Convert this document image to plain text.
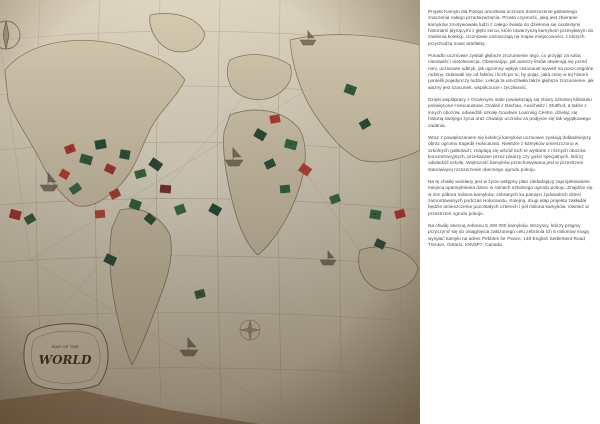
Projekt Kamyki dla Pokoju umożliwia uczniom dostrzeżenie globalnego znaczenia całego przedsięwzięcia. Prosta czynność, jaką jest zbieranie kamyków zmotywowała ludzi z całego świata do dzielenia się osobistymi historiami płynącymi z głębi serca, które towarzyszą kamykom przesyłanym do zasilenia kolekcji. Uczniowie zaznaczają na mapie miejscowości, z których przychodzą nowe artefakty.

Ponadto uczniowie zyskali głębsze zrozumienie tego, co przyjąć za sobą nienawiść i nietolerancja. Obserwując, jak autorzy listów otwierają się przed nimi, uczniowie odkryli, jak ogromny wpływ Holocaust wywarł na poszczególne rodziny. Odarwali się od faktów i liczb po to, by pojąć, jaką cenę w tej historii ponieśli pojedynczy ludzie. Lekcja ta umożliwiła także głębsze zrozumienie, jak ważny jest szacunek, współczucie i życzliwość.

Dzięki współpracy z Ocalonymi stale powiększają się zbiory szkolnej biblioteki poświęcone Holocaustowi. Ocalali z Dachau, Auschwitz i Stutthof, a także z innych obozów, odwiedzili szkołę Goodwin Learning Centre, dzieląc się historią swojego życia oraz chwaląc uczniów za podjęcie się tak wyjątkowego zadania.

Wraz z powiększaniem się kolekcji kamyków uczniowie zyskują dokładniejszy obraz ogromu tragedii Holocaustu. Niektóre z kamyków umieszczono w szkolnych gablotach; znajdują się wśród nich te wysłane z różnych obozów koncentracyjnych, przekazane przez pisarzy czy gości specjalnych, którzy odwiedzili szkołę. Większość kamyków przechowywana jest w przestrzeni stanowiącej rozszerzenie obecnego ogrodu pokoju.

Na tę chwilę wcielany jest w życie wstępny plan zakładający zaprojektowanie miejsca upamiętnienia dzieci w ramach szkolnego ogrodu pokoju. Znajdzie się w nim półtora miliona kamyków, zebranych ku pamięci żydowskich dzieci zamordowanych podczas Holocaustu. Kolejną, drugi etap projektu zakładał będzie umieszczenie pozostałych czterech i pół miliona kamyków, również w przestrzeni ogrodu pokoju.

Na chwilę obecną zebrano 5 400 000 kamyków. Wszyscy, którzy pragną przyczynić się do osiągnięcia założonego celu zebrania ich 6 milionów mogą wysyłać kamyki na adres Pebbles for Peace, 149 English Settlement Road, Trenton, Ontario, K8V5P7, Canada.
